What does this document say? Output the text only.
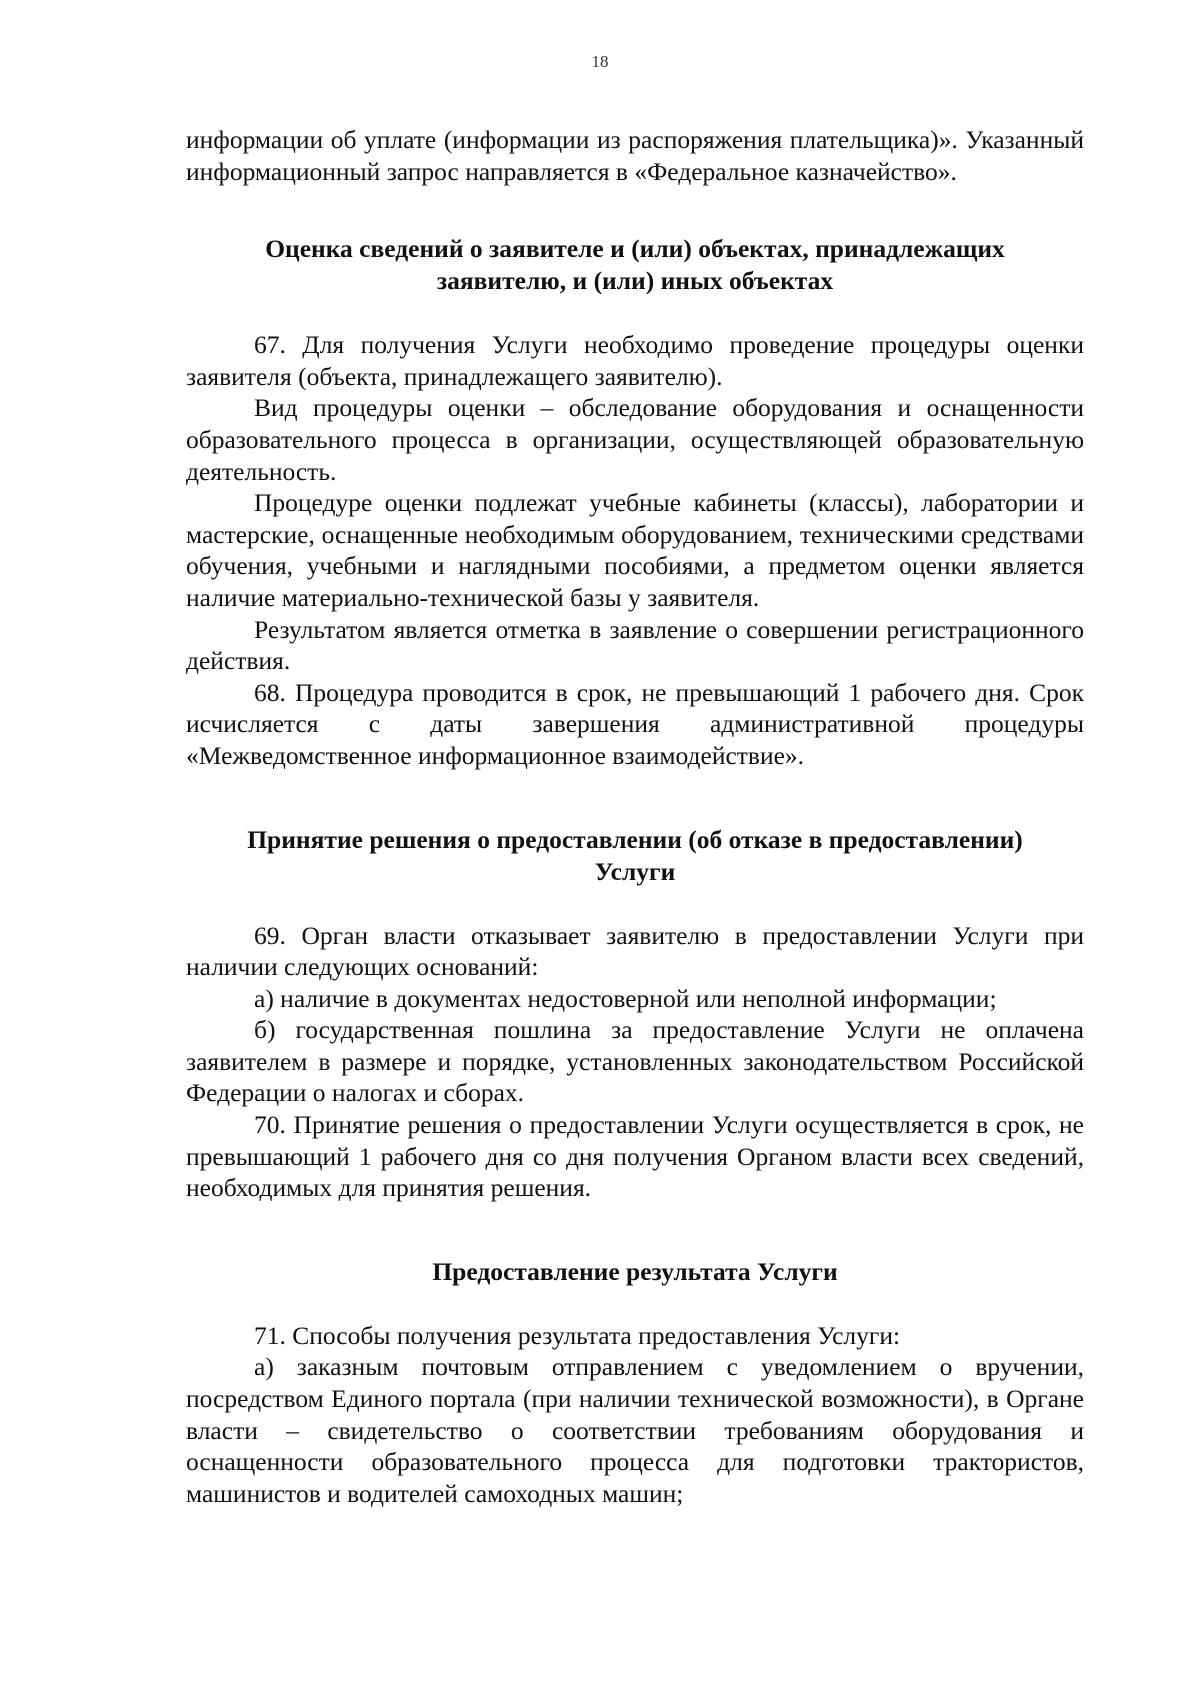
18

информации об уплате (информации из распоряжения плательщика)». Указанный информационный запрос направляется в «Федеральное казначейство».

Оценка сведений о заявителе и (или) объектах, принадлежащих
заявителю, и (или) иных объектах

67. Для получения Услуги необходимо проведение процедуры оценки заявителя (объекта, принадлежащего заявителю).

Вид процедуры оценки – обследование оборудования и оснащенности образовательного процесса в организации, осуществляющей образовательную деятельность.

Процедуре оценки подлежат учебные кабинеты (классы), лаборатории и мастерские, оснащенные необходимым оборудованием, техническими средствами обучения, учебными и наглядными пособиями, а предметом оценки является наличие материально-технической базы у заявителя.

Результатом является отметка в заявление о совершении регистрационного действия.

68. Процедура проводится в срок, не превышающий 1 рабочего дня. Срок исчисляется с даты завершения административной процедуры «Межведомственное информационное взаимодействие».

Принятие решения о предоставлении (об отказе в предоставлении)
Услуги

69. Орган власти отказывает заявителю в предоставлении Услуги при наличии следующих оснований:

а) наличие в документах недостоверной или неполной информации;

б) государственная пошлина за предоставление Услуги не оплачена заявителем в размере и порядке, установленных законодательством Российской Федерации о налогах и сборах.

70. Принятие решения о предоставлении Услуги осуществляется в срок, не превышающий 1 рабочего дня со дня получения Органом власти всех сведений, необходимых для принятия решения.

Предоставление результата Услуги

71. Способы получения результата предоставления Услуги:

а) заказным почтовым отправлением с уведомлением о вручении, посредством Единого портала (при наличии технической возможности), в Органе власти – свидетельство о соответствии требованиям оборудования и оснащенности образовательного процесса для подготовки трактористов, машинистов и водителей самоходных машин;
